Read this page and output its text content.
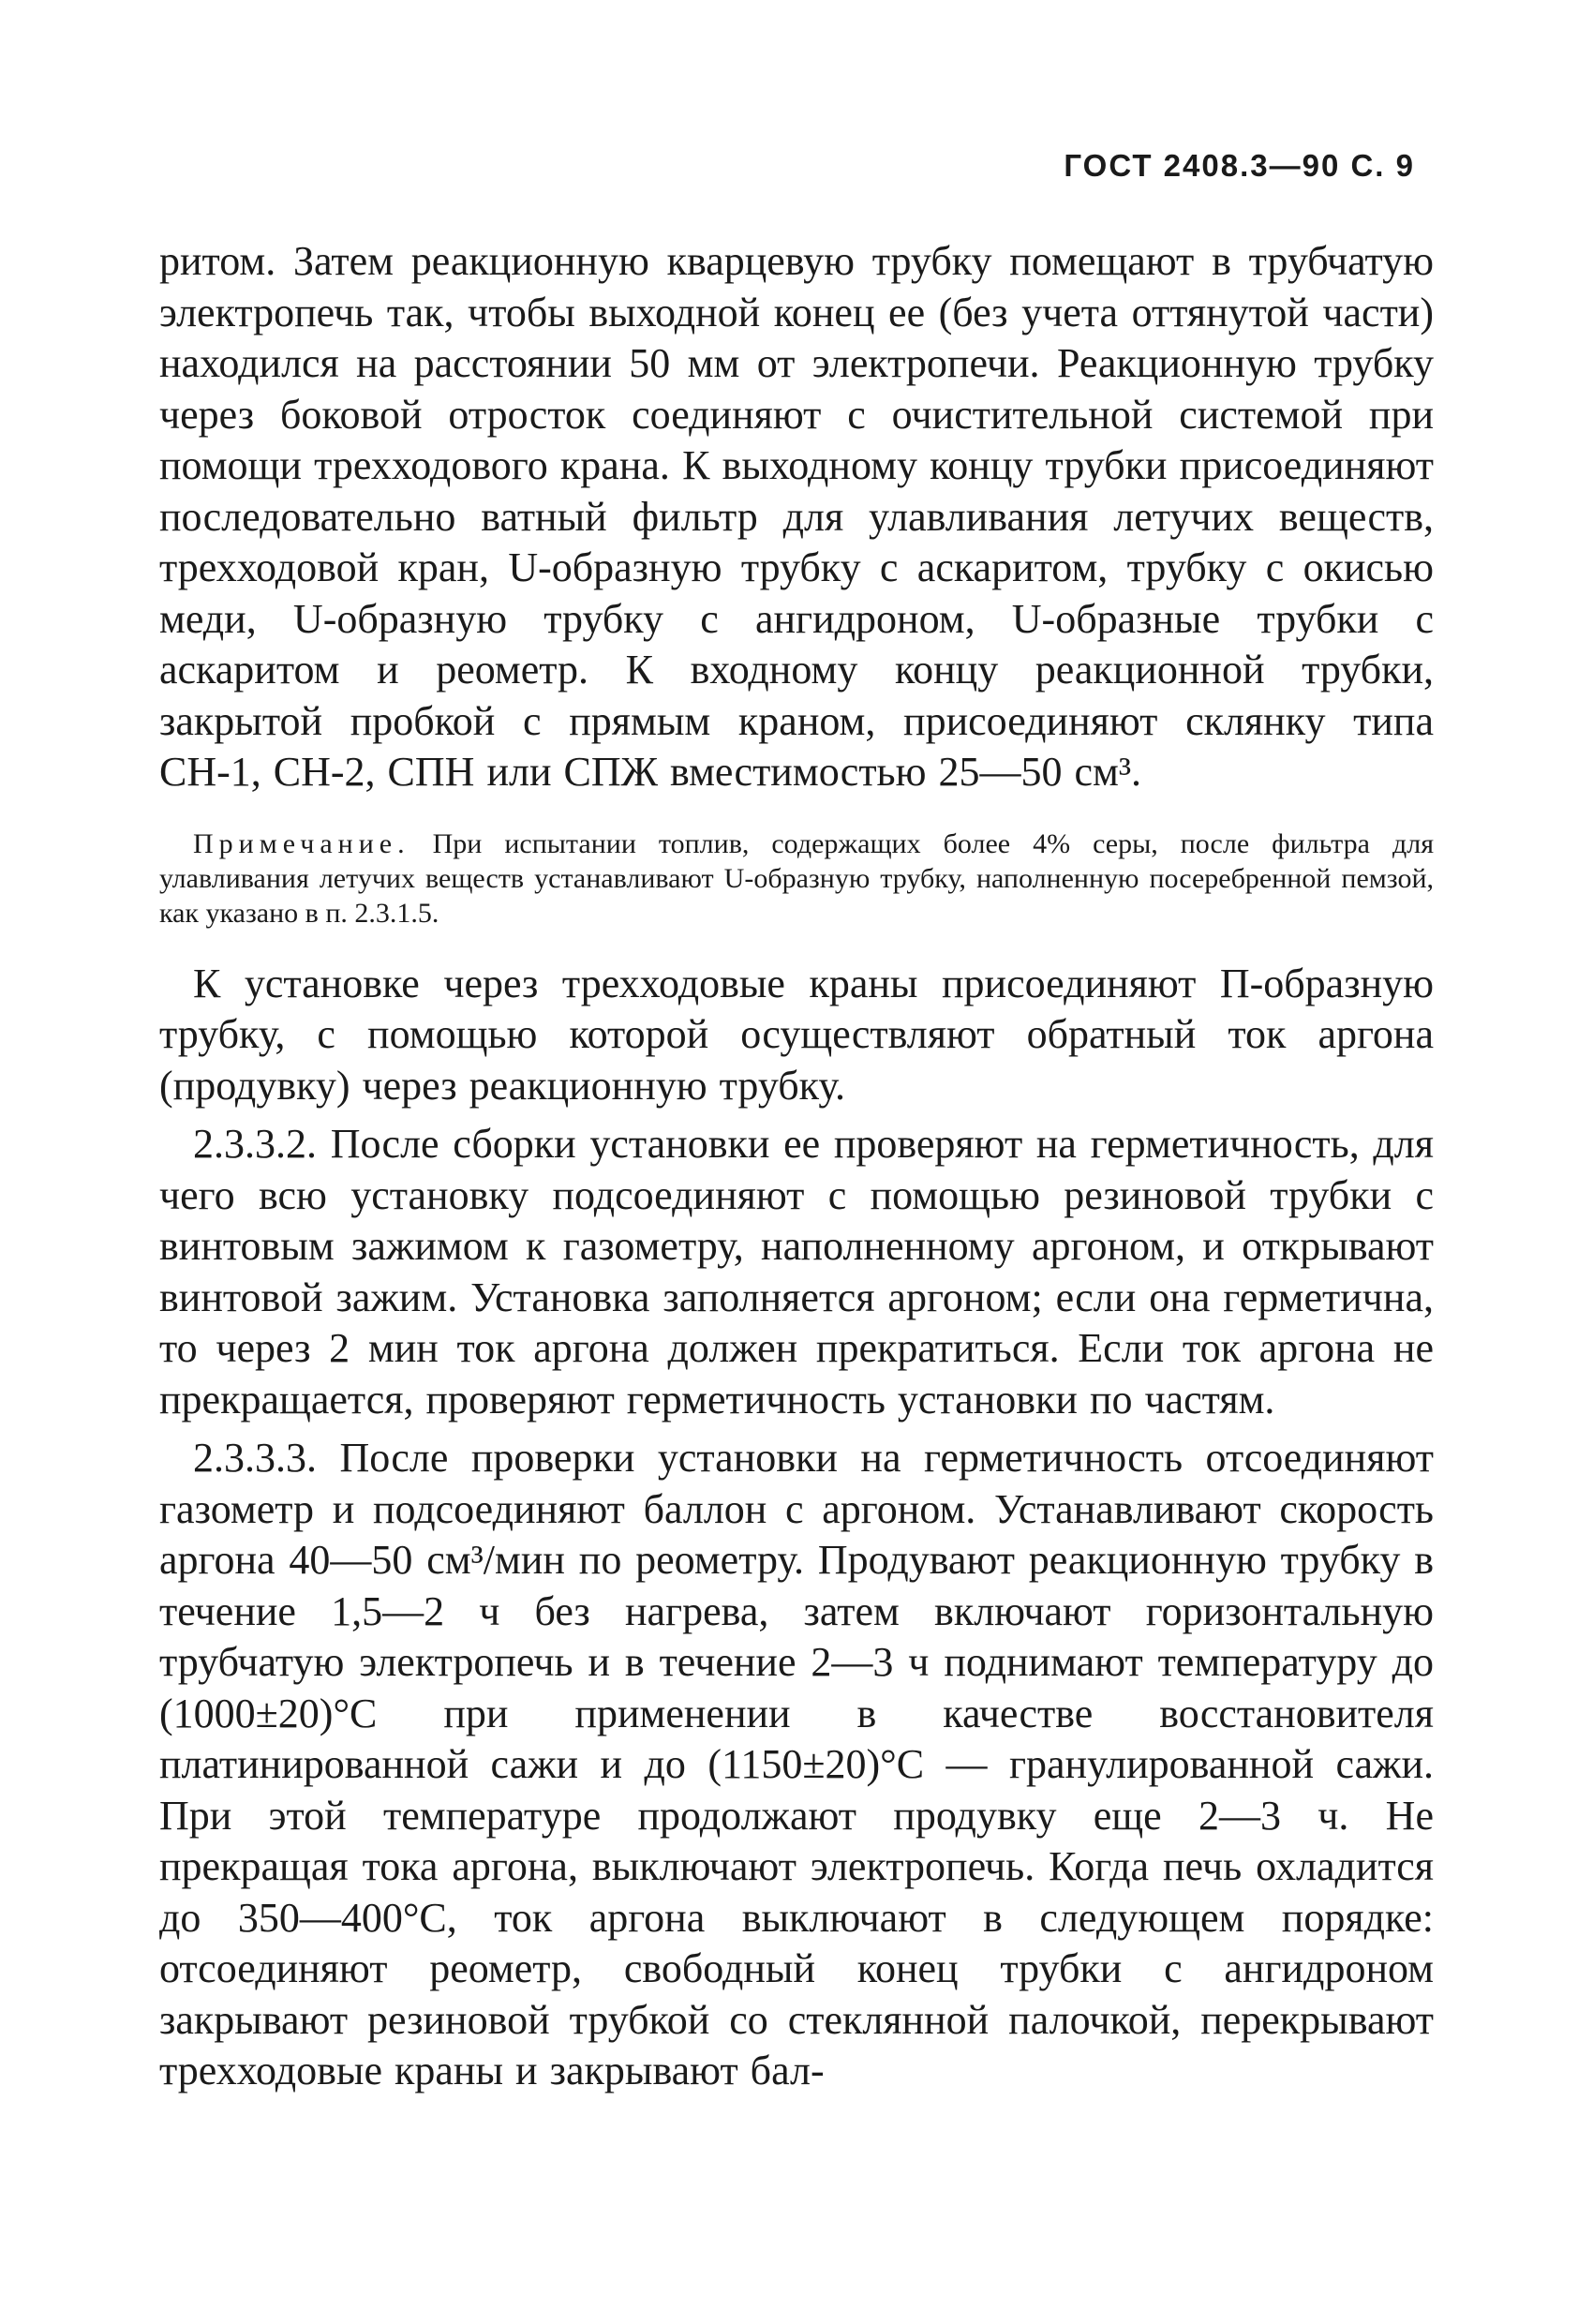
ГОСТ 2408.3—90 С. 9

ритом. Затем реакционную кварцевую трубку помещают в трубчатую электропечь так, чтобы выходной конец ее (без учета оттянутой части) находился на расстоянии 50 мм от электропечи. Реакционную трубку через боковой отросток соединяют с очистительной системой при помощи трехходового крана. К выходному концу трубки присоединяют последовательно ватный фильтр для улавливания летучих веществ, трехходовой кран, U-образную трубку с аскаритом, трубку с окисью меди, U-образную трубку с ангидроном, U-образные трубки с аскаритом и реометр. К входному концу реакционной трубки, закрытой пробкой с прямым краном, присоединяют склянку типа СН-1, СН-2, СПН или СПЖ вместимостью 25—50 см³.

Примечание. При испытании топлив, содержащих более 4% серы, после фильтра для улавливания летучих веществ устанавливают U-образную трубку, наполненную посеребренной пемзой, как указано в п. 2.3.1.5.

К установке через трехходовые краны присоединяют П-образную трубку, с помощью которой осуществляют обратный ток аргона (продувку) через реакционную трубку.

2.3.3.2. После сборки установки ее проверяют на герметичность, для чего всю установку подсоединяют с помощью резиновой трубки с винтовым зажимом к газометру, наполненному аргоном, и открывают винтовой зажим. Установка заполняется аргоном; если она герметична, то через 2 мин ток аргона должен прекратиться. Если ток аргона не прекращается, проверяют герметичность установки по частям.

2.3.3.3. После проверки установки на герметичность отсоединяют газометр и подсоединяют баллон с аргоном. Устанавливают скорость аргона 40—50 см³/мин по реометру. Продувают реакционную трубку в течение 1,5—2 ч без нагрева, затем включают горизонтальную трубчатую электропечь и в течение 2—3 ч поднимают температуру до (1000±20)°С при применении в качестве восстановителя платинированной сажи и до (1150±20)°С — гранулированной сажи. При этой температуре продолжают продувку еще 2—3 ч. Не прекращая тока аргона, выключают электропечь. Когда печь охладится до 350—400°С, ток аргона выключают в следующем порядке: отсоединяют реометр, свободный конец трубки с ангидроном закрывают резиновой трубкой со стеклянной палочкой, перекрывают трехходовые краны и закрывают бал-
